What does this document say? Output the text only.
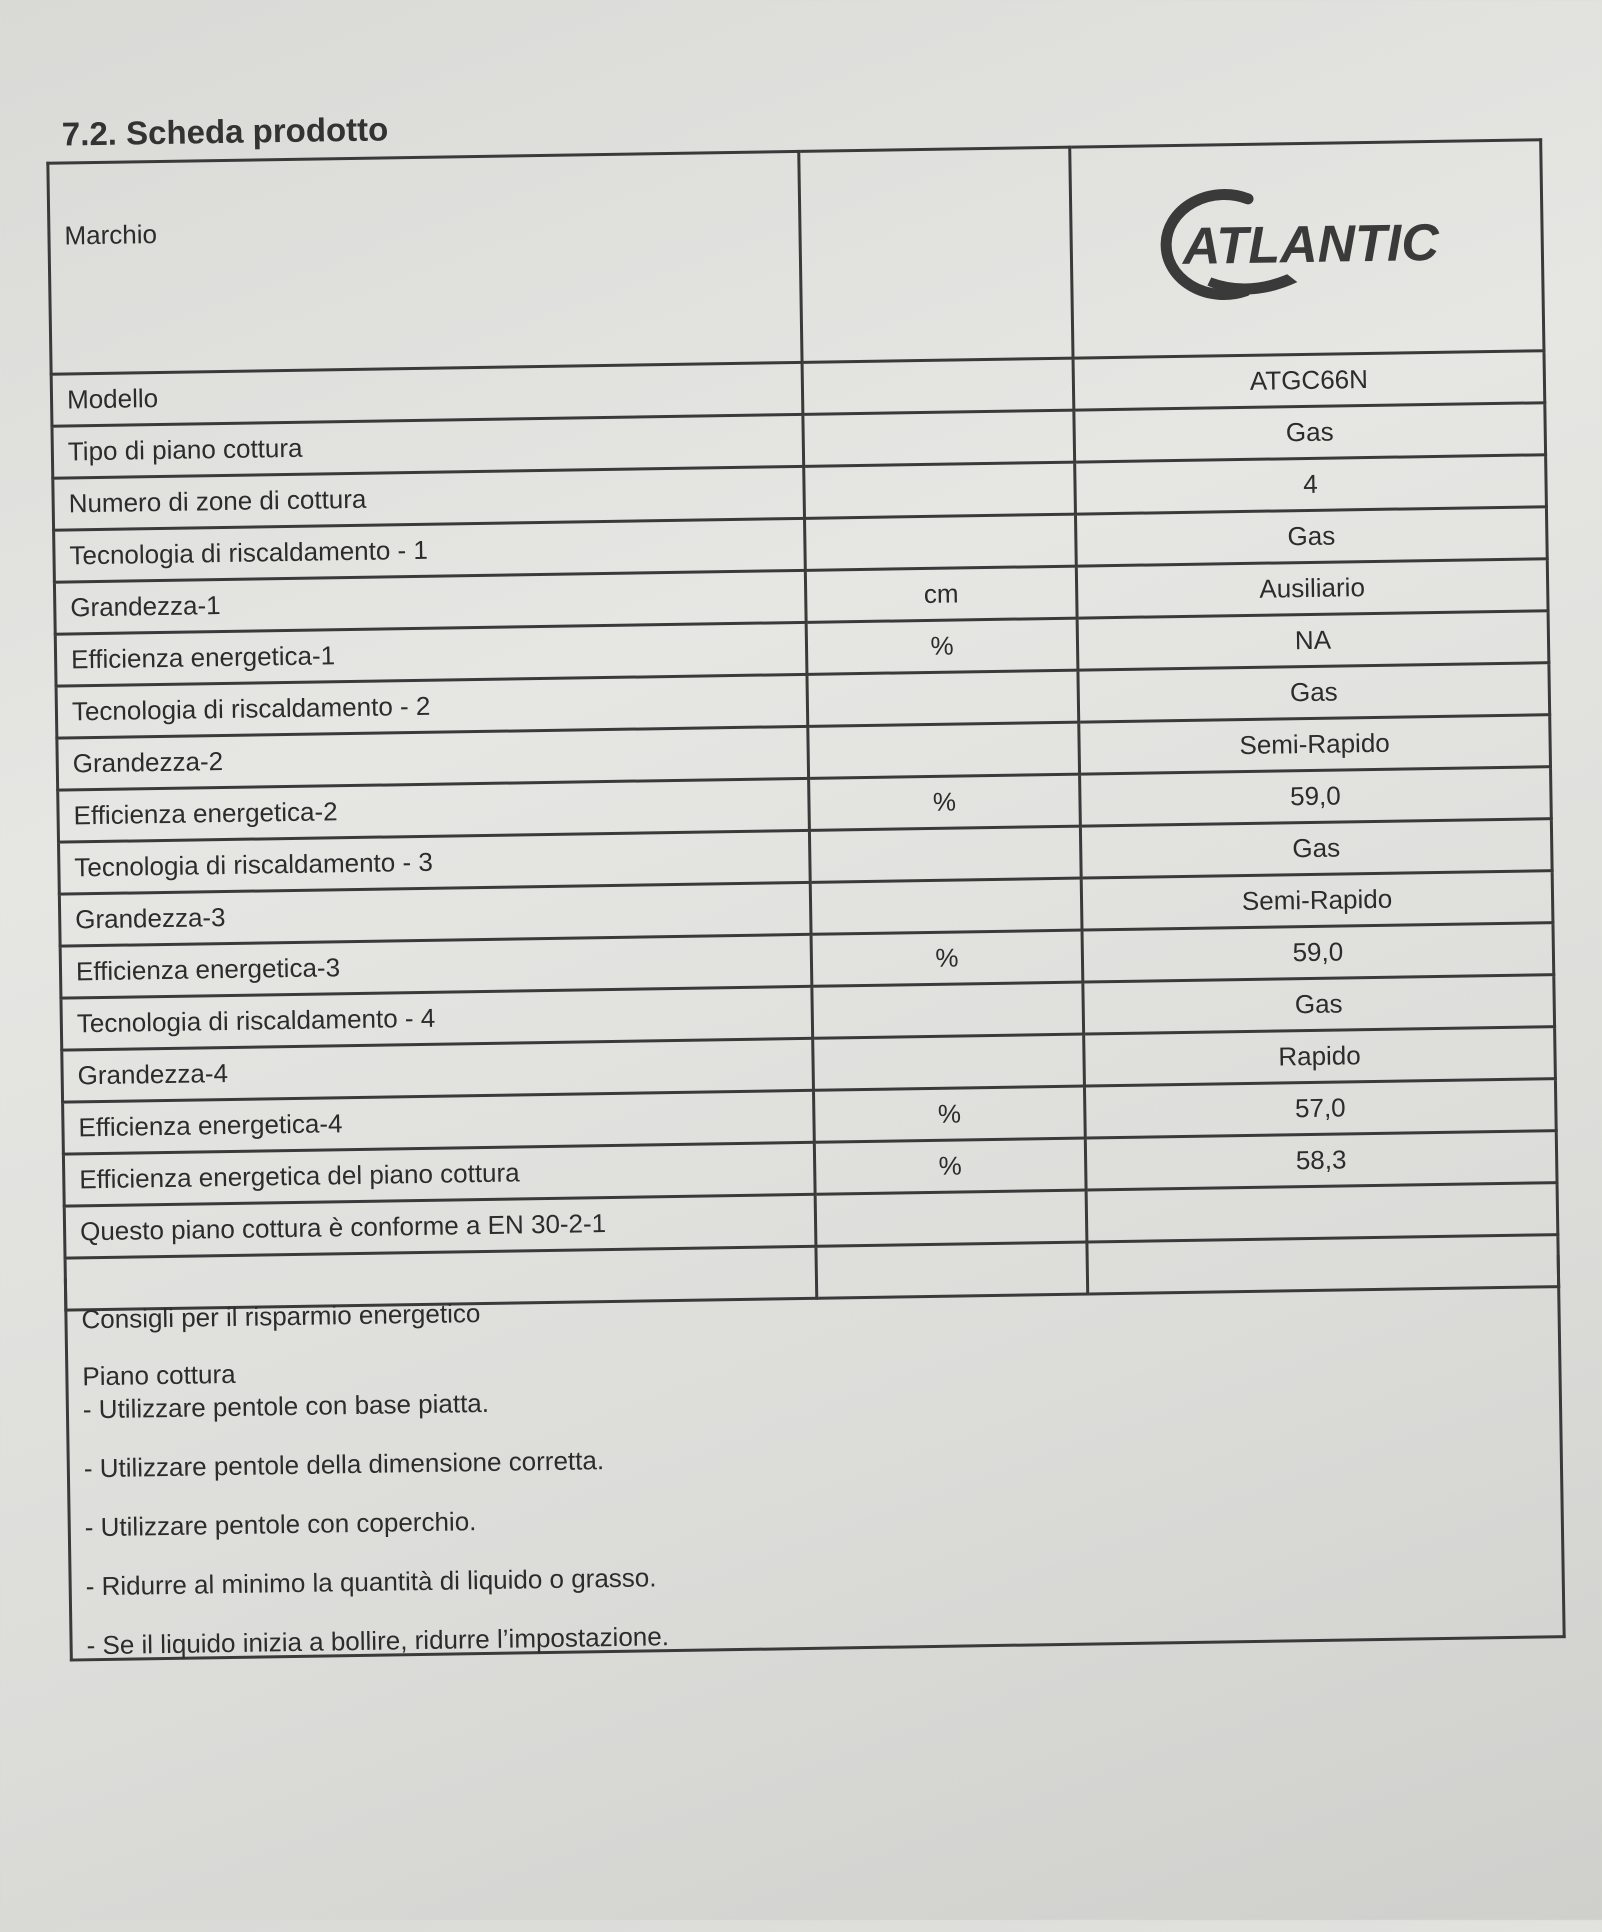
7.2. Scheda prodotto
Marchio		ATLANTIC

Modello		ATGC66N
Tipo di piano cottura		Gas
Numero di zone di cottura		4
Tecnologia di riscaldamento - 1		Gas
Grandezza-1	cm	Ausiliario
Efficienza energetica-1	%	NA
Tecnologia di riscaldamento - 2		Gas
Grandezza-2		Semi-Rapido
Efficienza energetica-2	%	59,0
Tecnologia di riscaldamento - 3		Gas
Grandezza-3		Semi-Rapido
Efficienza energetica-3	%	59,0
Tecnologia di riscaldamento - 4		Gas
Grandezza-4		Rapido
Efficienza energetica-4	%	57,0
Efficienza energetica del piano cottura	%	58,3
Questo piano cottura è conforme a EN 30-2-1		

Consigli per il risparmio energetico
Piano cottura
- Utilizzare pentole con base piatta.
- Utilizzare pentole della dimensione corretta.
- Utilizzare pentole con coperchio.
- Ridurre al minimo la quantità di liquido o grasso.
- Se il liquido inizia a bollire, ridurre l’impostazione.
